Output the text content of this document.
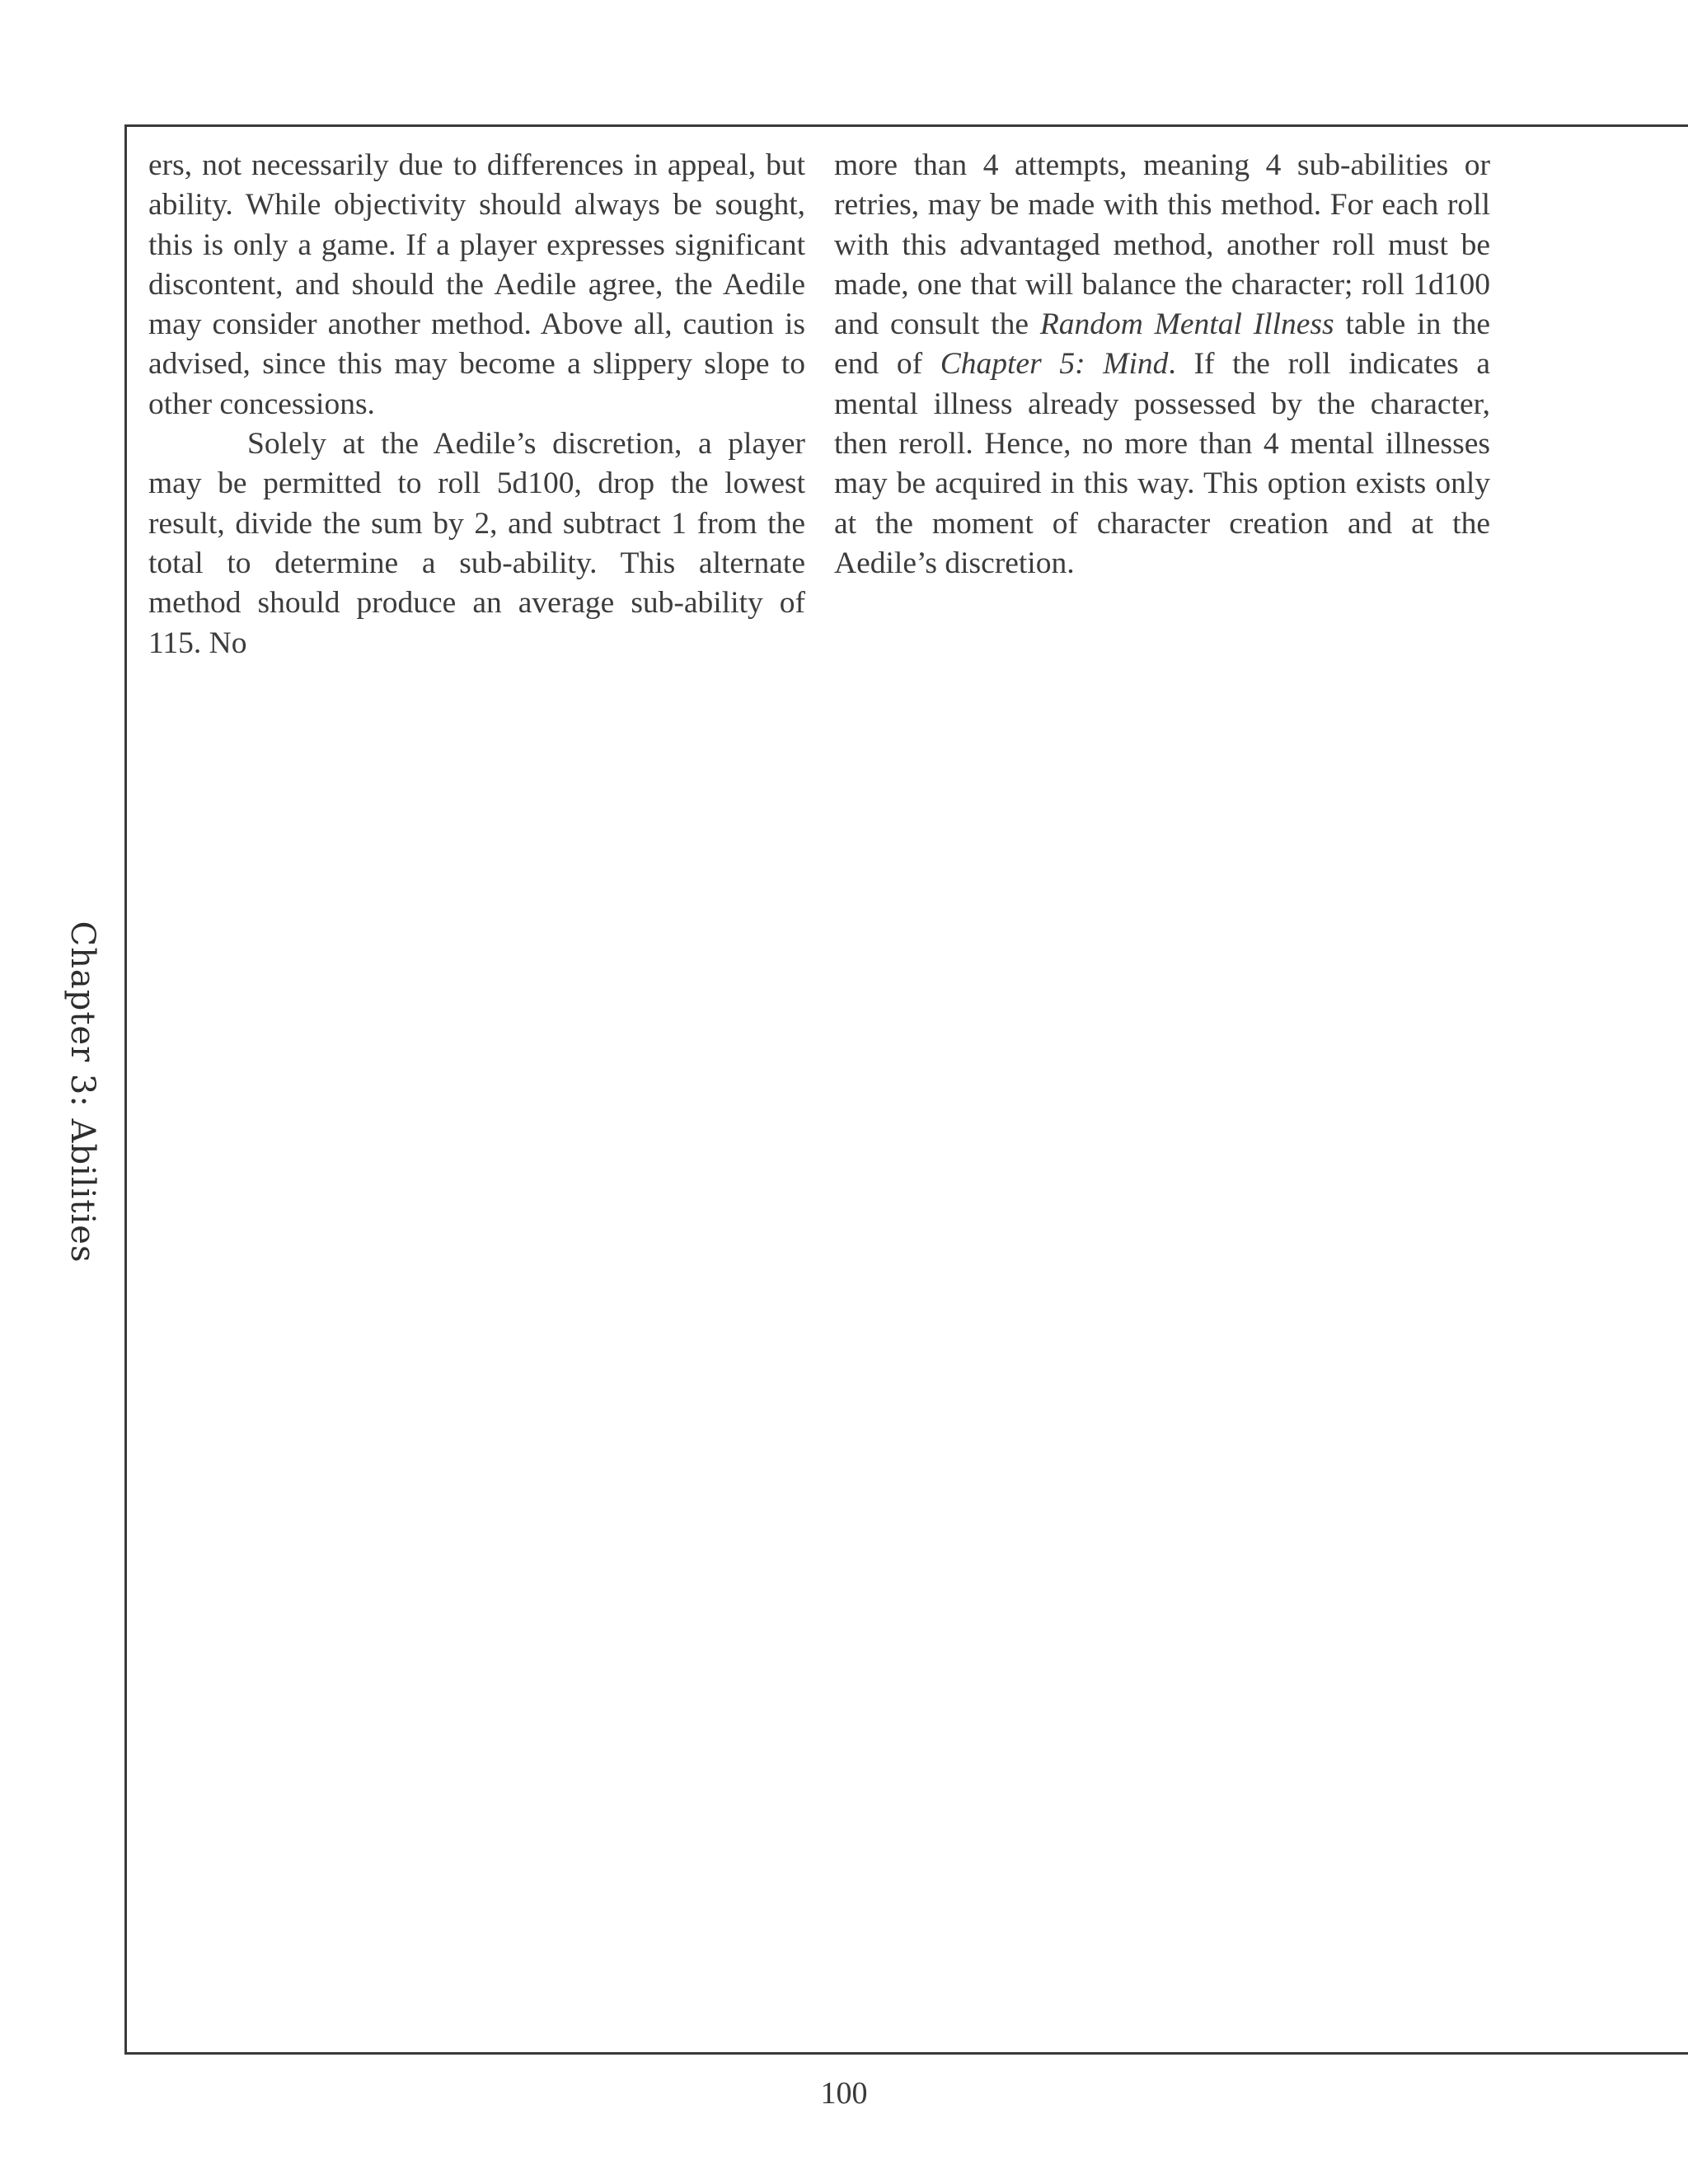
Chapter 3: Abilities

ers, not necessarily due to differences in appeal, but ability. While objectivity should always be sought, this is only a game. If a player expresses significant discontent, and should the Aedile agree, the Aedile may consider another method. Above all, caution is advised, since this may become a slippery slope to other concessions.

Solely at the Aedile’s discretion, a player may be permitted to roll 5d100, drop the lowest result, divide the sum by 2, and subtract 1 from the total to determine a sub-ability. This alternate method should produce an average sub-ability of 115. No

more than 4 attempts, meaning 4 sub-abilities or retries, may be made with this method. For each roll with this advantaged method, another roll must be made, one that will balance the character; roll 1d100 and consult the Random Mental Illness table in the end of Chapter 5: Mind. If the roll indicates a mental illness already possessed by the character, then reroll. Hence, no more than 4 mental illnesses may be acquired in this way. This option exists only at the moment of character creation and at the Aedile’s discretion.

100
